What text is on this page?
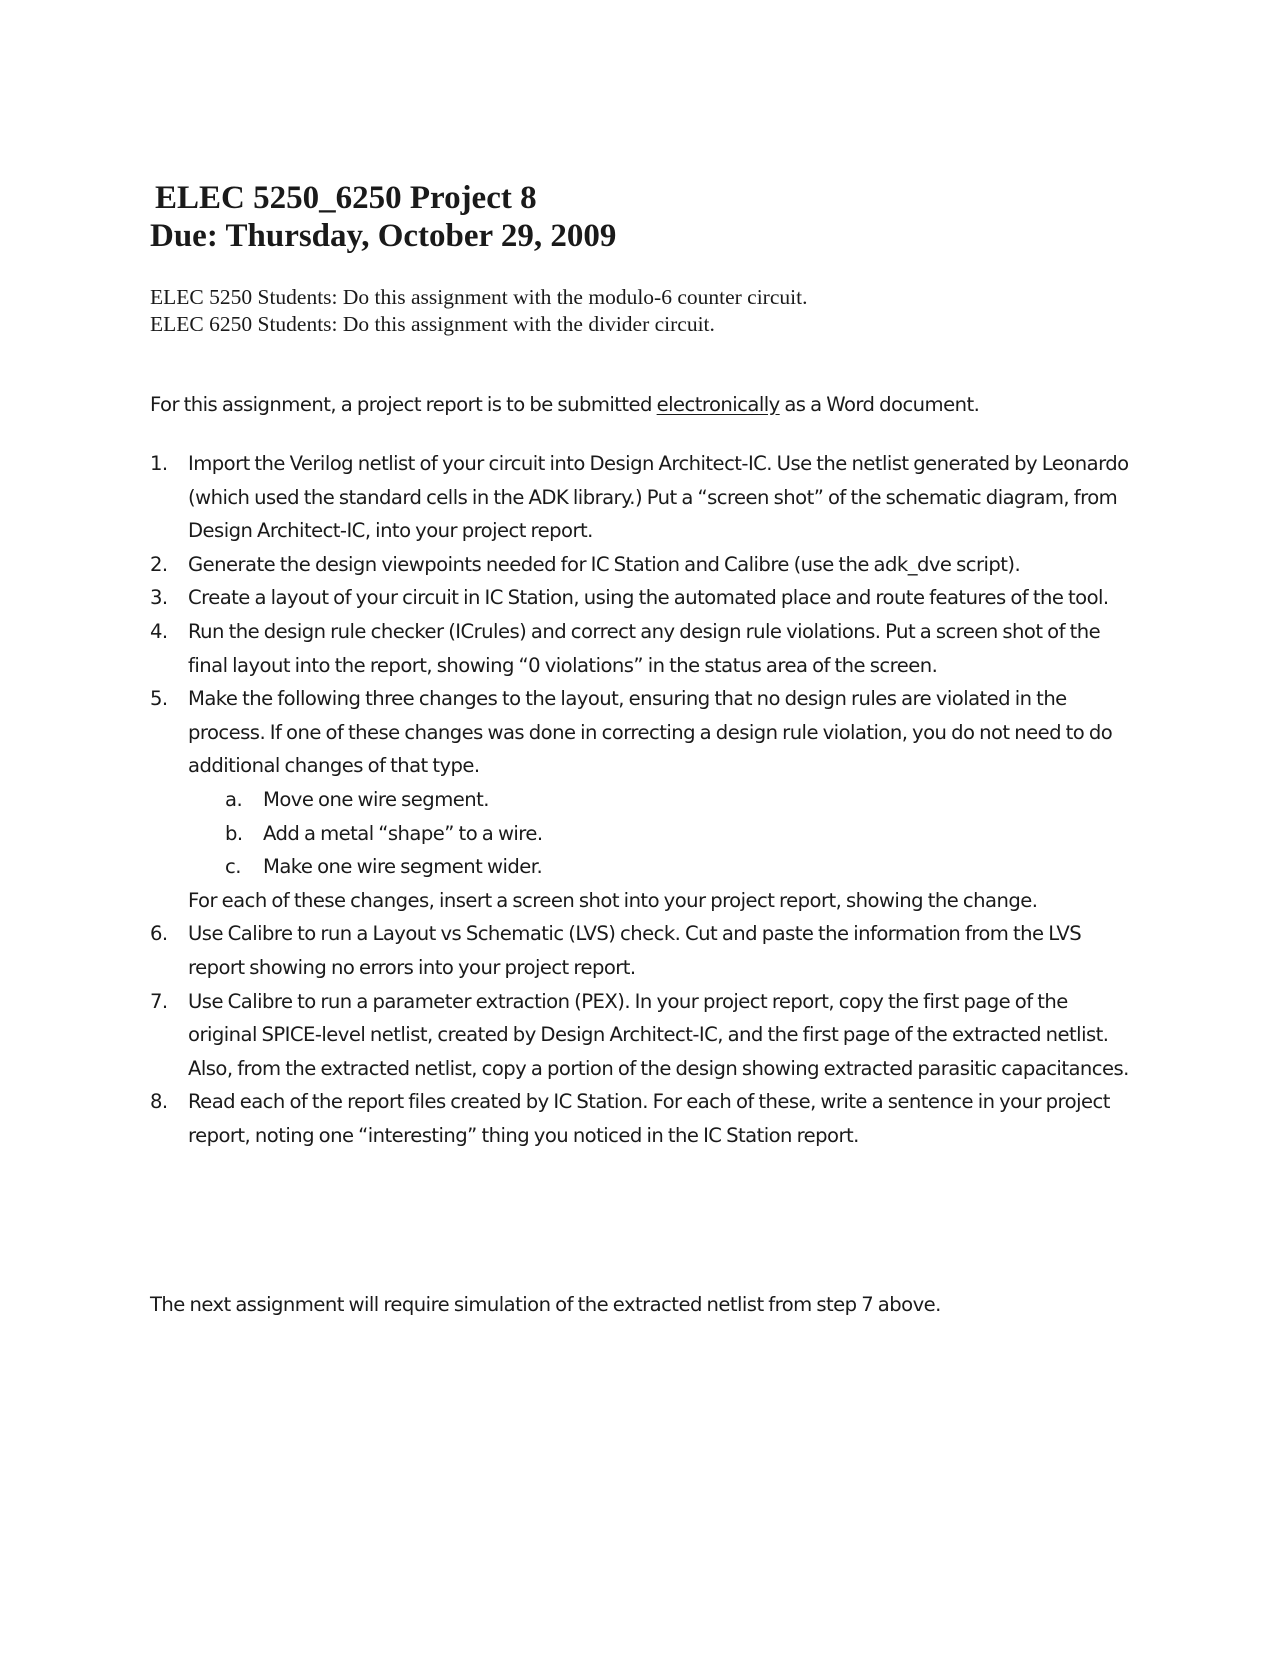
ELEC 5250_6250 Project 8
Due: Thursday, October 29, 2009

ELEC 5250 Students: Do this assignment with the modulo-6 counter circuit.

ELEC 6250 Students: Do this assignment with the divider circuit.

For this assignment, a project report is to be submitted electronically as a Word document.

1.	Import the Verilog netlist of your circuit into Design Architect-IC. Use the netlist generated by Leonardo (which used the standard cells in the ADK library.) Put a “screen shot” of the schematic diagram, from Design Architect-IC, into your project report.
2.	Generate the design viewpoints needed for IC Station and Calibre (use the adk_dve script).
3.	Create a layout of your circuit in IC Station, using the automated place and route features of the tool.
4.	Run the design rule checker (ICrules) and correct any design rule violations. Put a screen shot of the final layout into the report, showing “0 violations” in the status area of the screen.
5.	Make the following three changes to the layout, ensuring that no design rules are violated in the process. If one of these changes was done in correcting a design rule violation, you do not need to do additional changes of that type.
a. Move one wire segment.
b. Add a metal “shape” to a wire.
c. Make one wire segment wider.
For each of these changes, insert a screen shot into your project report, showing the change.
6.	Use Calibre to run a Layout vs Schematic (LVS) check. Cut and paste the information from the LVS report showing no errors into your project report.
7.	Use Calibre to run a parameter extraction (PEX). In your project report, copy the first page of the original SPICE-level netlist, created by Design Architect-IC, and the first page of the extracted netlist. Also, from the extracted netlist, copy a portion of the design showing extracted parasitic capacitances.
8.	Read each of the report files created by IC Station. For each of these, write a sentence in your project report, noting one “interesting” thing you noticed in the IC Station report.

The next assignment will require simulation of the extracted netlist from step 7 above.
